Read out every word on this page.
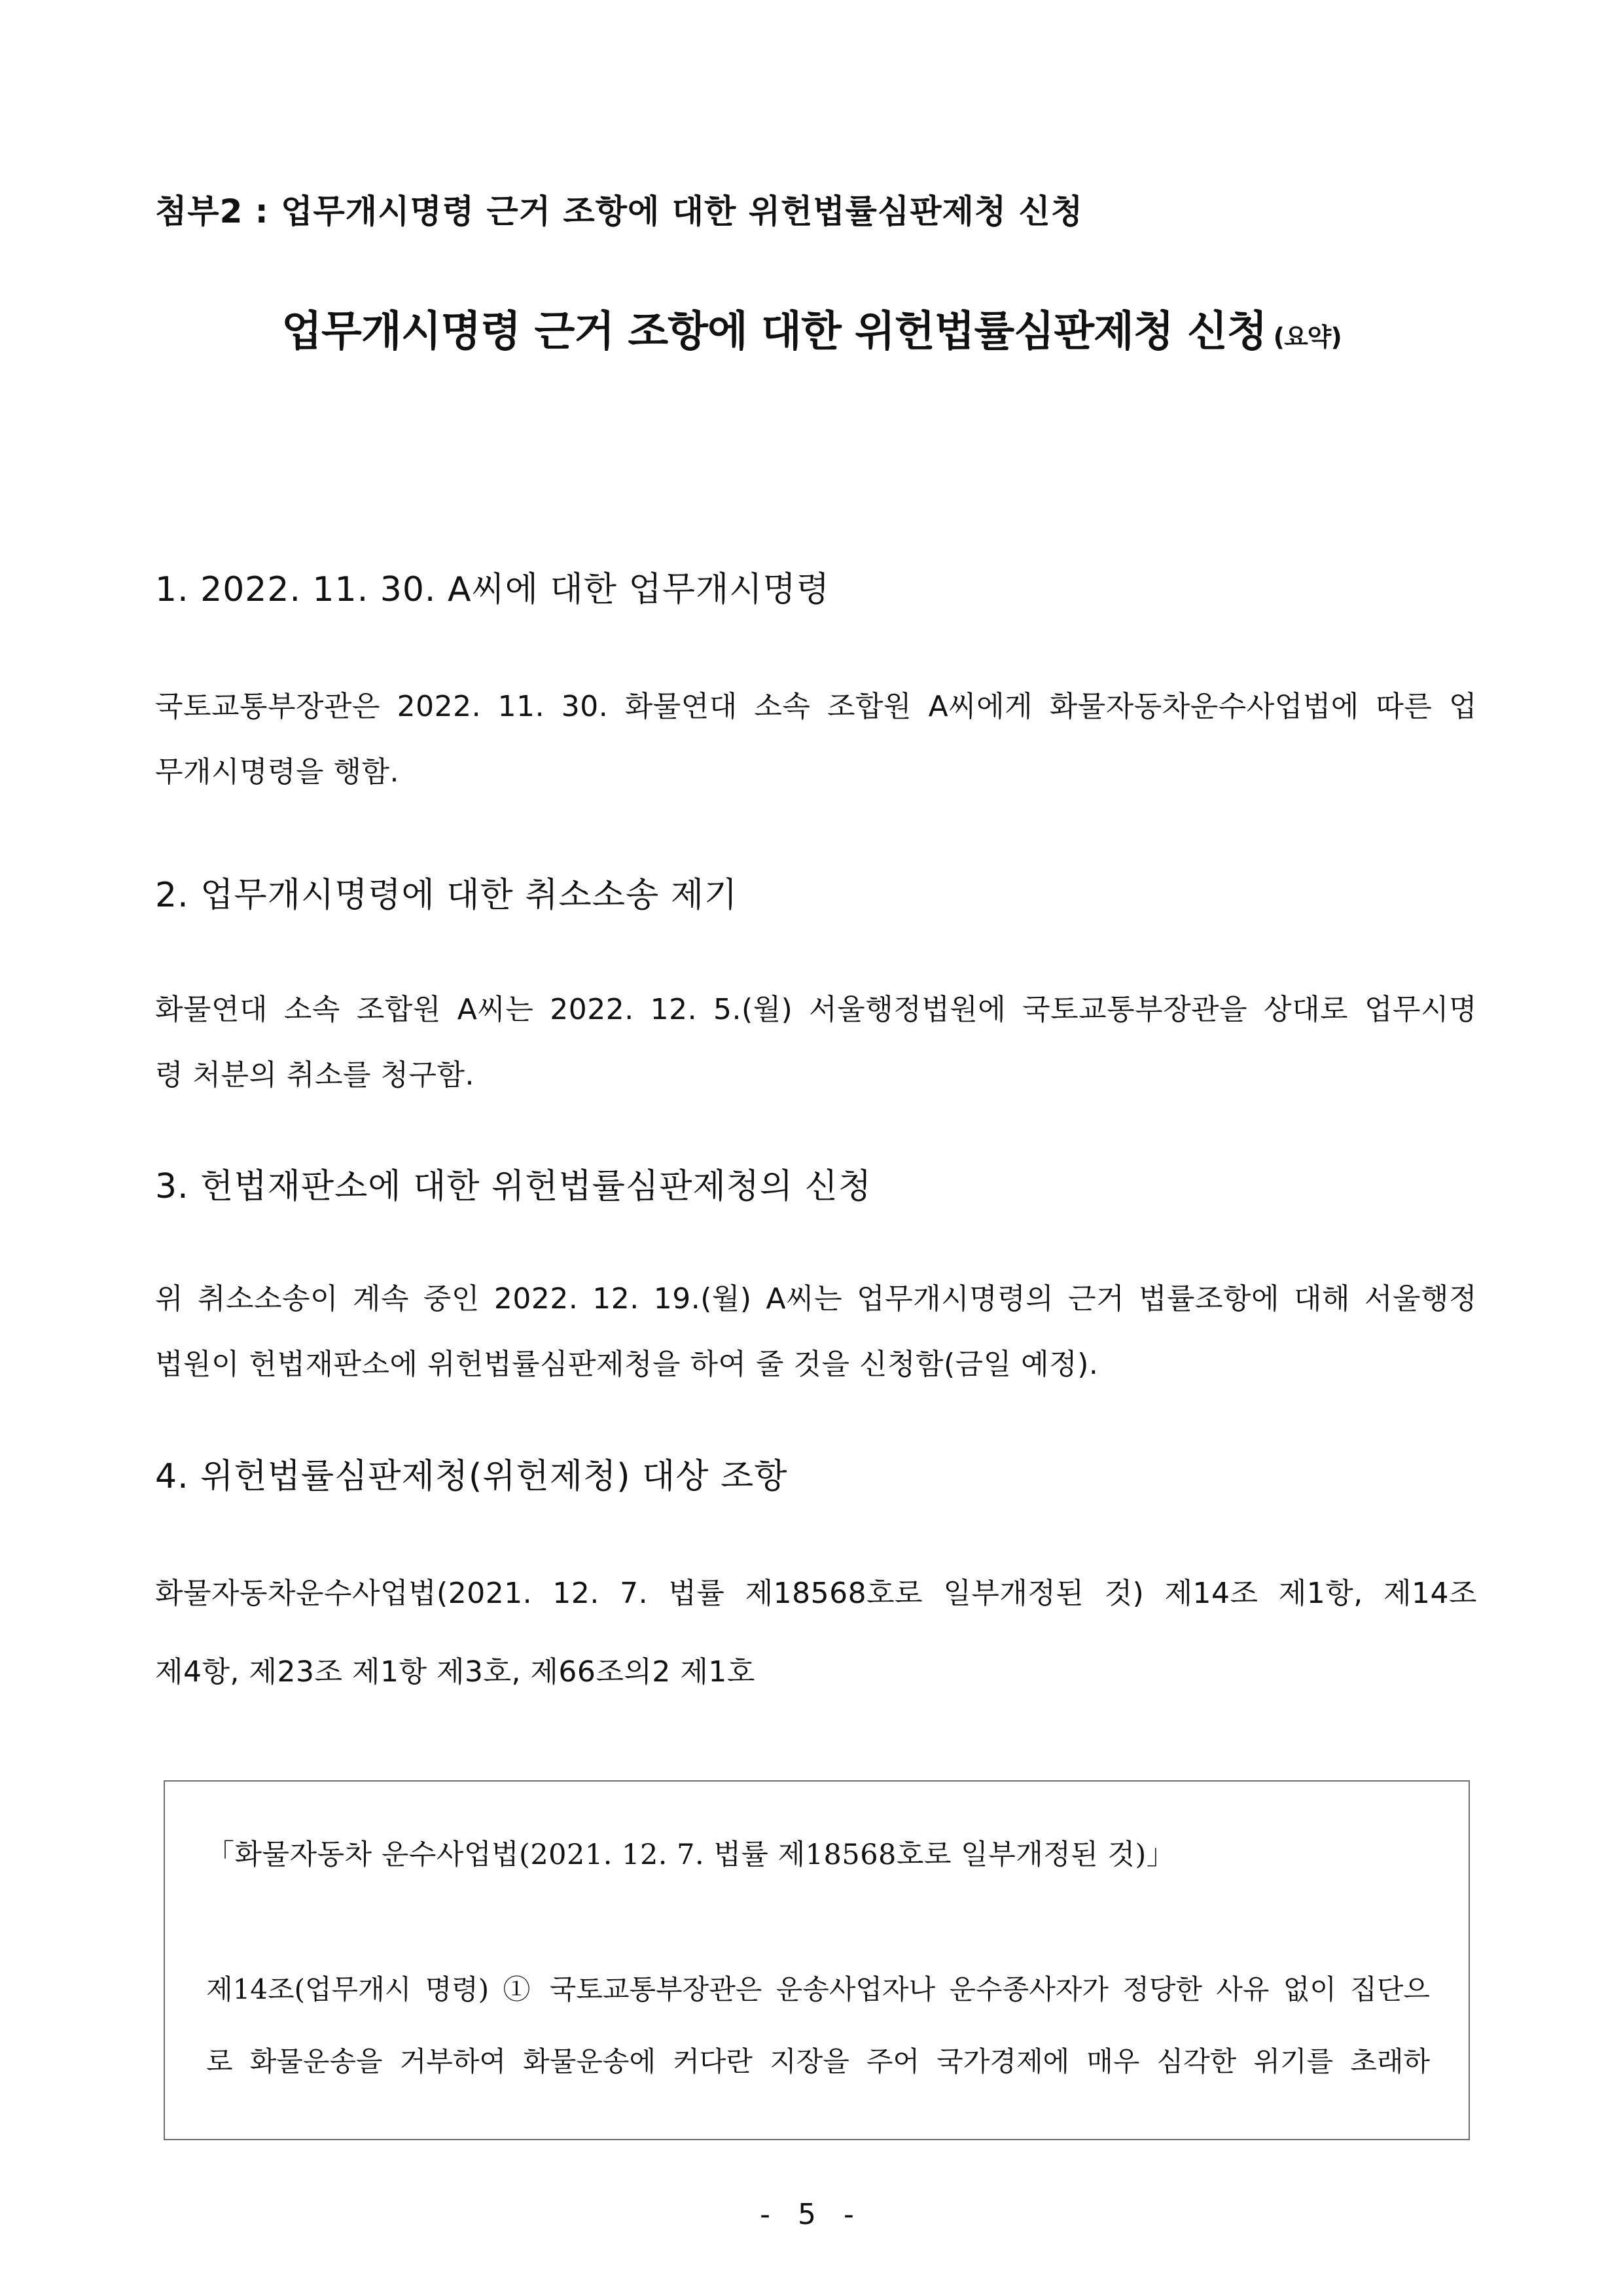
첨부2 : 업무개시명령 근거 조항에 대한 위헌법률심판제청 신청
업무개시명령 근거 조항에 대한 위헌법률심판제청 신청 (요약)
1. 2022. 11. 30. A씨에 대한 업무개시명령
국토교통부장관은 2022. 11. 30. 화물연대 소속 조합원 A씨에게 화물자동차운수사업법에 따른 업
무개시명령을 행함.
2. 업무개시명령에 대한 취소소송 제기
화물연대 소속 조합원 A씨는 2022. 12. 5.(월) 서울행정법원에 국토교통부장관을 상대로 업무시명
령 처분의 취소를 청구함.
3. 헌법재판소에 대한 위헌법률심판제청의 신청
위 취소소송이 계속 중인 2022. 12. 19.(월) A씨는 업무개시명령의 근거 법률조항에 대해 서울행정
법원이 헌법재판소에 위헌법률심판제청을 하여 줄 것을 신청함(금일 예정).
4. 위헌법률심판제청(위헌제청) 대상 조항
화물자동차운수사업법(2021. 12. 7. 법률 제18568호로 일부개정된 것) 제14조 제1항, 제14조
제4항, 제23조 제1항 제3호, 제66조의2 제1호
「화물자동차 운수사업법(2021. 12. 7. 법률 제18568호로 일부개정된 것)」
제14조(업무개시 명령) ① 국토교통부장관은 운송사업자나 운수종사자가 정당한 사유 없이 집단으
로 화물운송을 거부하여 화물운송에 커다란 지장을 주어 국가경제에 매우 심각한 위기를 초래하
- 5 -
